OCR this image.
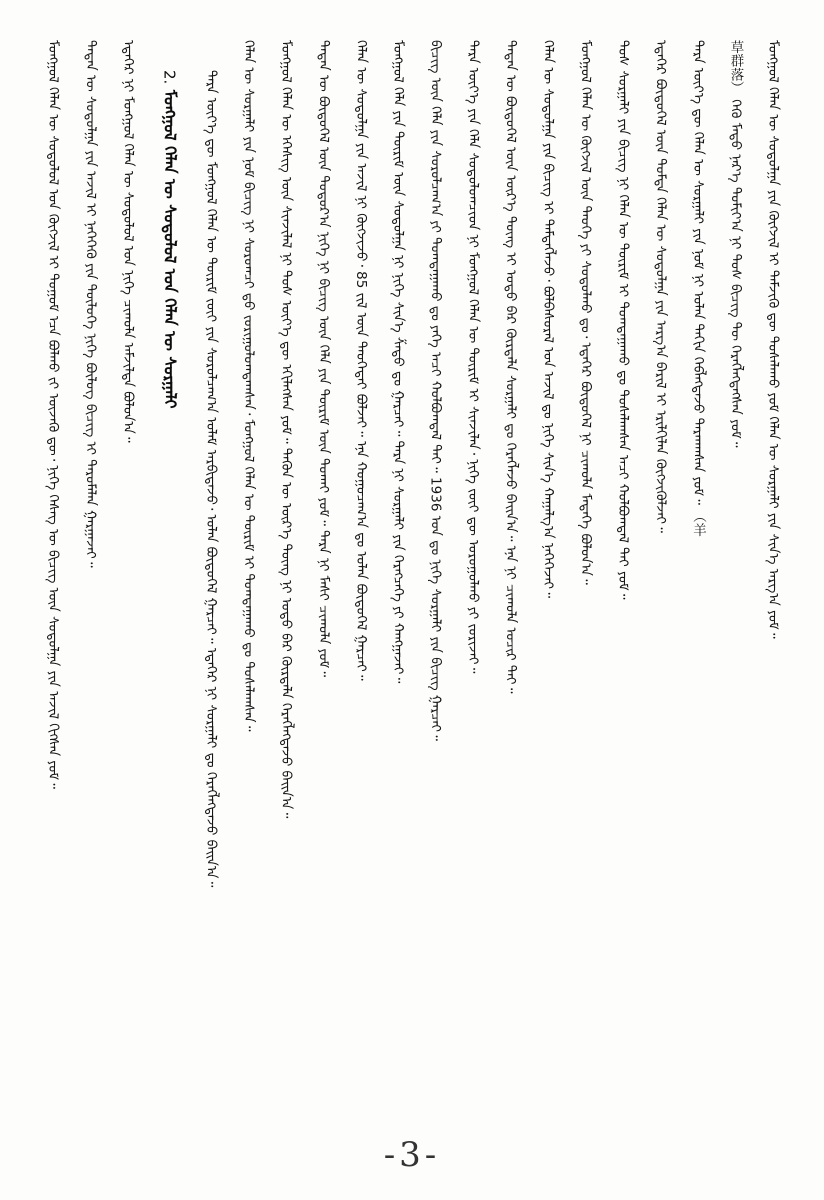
ᠮᠣᠩᠭᠣᠯ ᠬᠡᠯᠡᠨ ᠦ ᠰᠤᠳᠤᠯᠤᠯ ᠤᠨ ᠬᠥᠭᠵᠢᠯ ᠢ ᠲᠤᠭᠤᠮ ᠡᠴᠡ ᠪᠣᠯᠬᠤ ᠵᠢ ᠦᠵᠡᠬᠦ ᠳᠦ᠂ ᠨᠢᠭᠡ ᠬᠡᠰᠡᠭ ᠦ ᠪᠢᠴᠢᠭ ᠦᠨ ᠰᠤᠳᠤᠯᠭᠠ ᠶᠢᠨ ᠠᠵᠢᠯ ᠬᠢᠭᠰᠡᠨ ᠶᠤᠮ᠃	ᠲᠡᠳᠡᠨ ᠦ ᠰᠤᠳᠤᠯᠭᠠ ᠶᠢᠨ ᠠᠵᠢᠯ ᠢ ᠨᠡᠭᠡᠭᠡᠬᠦ ᠶᠢᠨ ᠲᠥᠯᠥᠭᠡ ᠨᠢᠭᠡ ᠪᠦᠯᠦᠭ ᠪᠢᠴᠢᠭ ᠢ ᠳᠠᠷᠤᠮᠠᠯᠠᠨ ᠭᠠᠷᠭᠠᠵᠠᠢ᠃	ᠡᠳᠡᠭᠡᠷ ᠨᠢ ᠮᠣᠩᠭᠣᠯ ᠬᠡᠯᠡᠨ ᠦ ᠰᠤᠳᠤᠯᠤᠯ ᠤᠨ ᠨᠢᠭᠡ ᠴᠢᠬᠤᠯᠠ ᠠᠮᠵᠢᠯᠲᠠ ᠪᠣᠯᠤᠨ᠎ᠠ᠃	2. ᠮᠣᠩᠭᠣᠯ ᠬᠡᠯᠡᠨ ᠦ ᠰᠤᠳᠤᠯᠤᠯ ᠤᠨ ᠬᠡᠯᠡᠨ ᠦ ᠰᠤᠷᠭᠠᠯᠢ	ᠲᠡᠷᠡ ᠦᠶ᠎ᠡ ᠳᠦ ᠮᠣᠩᠭᠣᠯ ᠬᠡᠯᠡᠨ ᠦ ᠳᠦᠷᠢᠮ ᠵᠦᠢ ᠶᠢᠨ ᠰᠤᠷᠤᠯᠴᠠᠭ᠎ᠠ ᠤᠯᠠᠮ ᠠᠷᠪᠢᠳᠠᠵᠤ᠂ ᠣᠯᠠᠨ ᠪᠦᠲᠦᠭᠡᠯ ᠭᠠᠷᠴᠠᠢ᠃ ᠡᠳᠡᠭᠡᠷ ᠨᠢ ᠰᠤᠷᠭᠠᠯᠢ ᠳᠤ ᠬᠡᠷᠡᠭᠯᠡᠭᠳᠡᠵᠦ ᠪᠠᠢᠨ᠎ᠠ᠃	ᠬᠡᠯᠡᠨ ᠦ ᠰᠤᠷᠭᠠᠯᠢ ᠶᠢᠨ ᠨᠣᠮ ᠪᠢᠴᠢᠭ ᠨᠢ ᠰᠤᠷᠤᠭᠴᠢ ᠳ᠋ᠤ ᠵᠣᠷᠢᠭᠤᠯᠤᠭᠳᠠᠭᠰᠠᠨ᠂ ᠮᠣᠩᠭᠣᠯ ᠬᠡᠯᠡᠨ ᠦ ᠳᠦᠷᠢᠮ ᠢ ᠲᠣᠭᠲᠠᠭᠠᠬᠤ ᠳᠤ ᠲᠤᠰᠠᠯᠠᠭᠰᠠᠨ᠃	ᠮᠣᠩᠭᠣᠯ ᠬᠡᠯᠡᠨ ᠦ ᠡᠭᠡᠰᠢᠭ ᠦᠨ ᠰᠢᠨᠵᠢᠯᠡᠯ ᠨᠢ ᠲᠤᠰ ᠦᠶ᠎ᠡ ᠳᠦ ᠡᠬᠢᠯᠡᠭᠰᠡᠨ ᠶᠤᠮ᠃ ᠲᠡᠭᠦᠨ ᠦ ᠦᠷ᠎ᠡ ᠳᠦᠩ ᠨᠢ ᠣᠳᠣ ᠪᠠᠷ ᠬᠦᠷᠲᠡᠯᠡ ᠬᠡᠷᠡᠭᠯᠡᠭᠳᠡᠵᠦ ᠪᠠᠢᠨ᠎ᠠ᠃	ᠲᠡᠳᠡᠨ ᠦ ᠪᠦᠲᠦᠭᠡᠯ ᠦᠨ ᠳᠣᠲᠣᠷ᠎ᠠ ᠨᠢᠭᠡ ᠨᠢ ᠪᠢᠴᠢᠭ ᠦᠨ ᠬᠡᠯᠡ ᠶᠢᠨ ᠳᠦᠷᠢᠮ ᠦᠨ ᠲᠤᠬᠠᠢ ᠶᠤᠮ᠃ ᠲᠡᠷᠡ ᠨᠢ ᠮᠠᠰᠢ ᠴᠢᠬᠤᠯᠠ ᠶᠤᠮ᠃	ᠬᠡᠯᠡᠨ ᠦ ᠰᠤᠳᠤᠯᠭᠠ ᠶᠢᠨ ᠠᠵᠢᠯ ᠨᠢ ᠬᠥᠭᠵᠢᠵᠦ᠂ 85 ᠵᠢᠯ ᠦᠨ ᠲᠡᠦᠬᠡᠲᠡᠢ ᠪᠣᠯᠵᠠᠢ᠃ ᠡᠨᠡ ᠬᠤᠭᠤᠴᠠᠭ᠎ᠠ ᠳᠤ ᠣᠯᠠᠨ ᠪᠦᠲᠦᠭᠡᠯ ᠭᠠᠷᠴᠠᠢ᠃	ᠮᠣᠩᠭᠣᠯ ᠬᠡᠯᠡ ᠶᠢᠨ ᠳᠦᠷᠢᠮ ᠦᠨ ᠰᠤᠳᠤᠯᠭᠠ ᠨᠢ ᠨᠢᠭᠡ ᠰᠢᠨ᠎ᠡ ᠱᠠᠲᠤ ᠳᠤ ᠭᠠᠷᠴᠠᠢ᠃ ᠲᠡᠷᠡ ᠨᠢ ᠰᠤᠷᠭᠠᠯᠢ ᠶᠢᠨ ᠬᠡᠷᠡᠭᠴᠡᠭᠡ ᠶᠢ ᠬᠠᠩᠭᠠᠵᠠᠢ᠃	ᠪᠢᠴᠢᠭ ᠦᠨ ᠬᠡᠯᠡ ᠶᠢᠨ ᠰᠤᠷᠤᠯᠴᠠᠭ᠎ᠠ ᠶᠢ ᠲᠣᠭᠲᠠᠭᠠᠬᠤ ᠳᠤ ᠶᠡᠬᠡ ᠠᠴᠢ ᠬᠣᠯᠪᠣᠭᠳᠠᠯ ᠲᠠᠢ᠃ 1936 ᠣᠨ ᠳᠤ ᠨᠢᠭᠡ ᠰᠤᠷᠭᠠᠯᠢ ᠶᠢᠨ ᠪᠢᠴᠢᠭ ᠭᠠᠷᠴᠠᠢ᠃	ᠲᠡᠷᠡ ᠦᠶ᠎ᠡ ᠶᠢᠨ ᠬᠡᠯᠡ ᠰᠤᠳᠤᠯᠤᠭᠴᠢᠳ ᠨᠢ ᠮᠣᠩᠭᠣᠯ ᠬᠡᠯᠡᠨ ᠦ ᠳᠦᠷᠢᠮ ᠢ ᠰᠢᠨᠵᠢᠯᠡᠨ᠂ ᠨᠢᠭᠡ ᠵᠦᠢ ᠳᠦ ᠣᠷᠣᠭᠤᠯᠬᠤ ᠶᠢ ᠵᠣᠷᠢᠵᠠᠢ᠃	ᠲᠡᠳᠡᠨ ᠦ ᠪᠦᠲᠦᠭᠡᠯ ᠦᠨ ᠦᠷ᠎ᠡ ᠳᠦᠩ ᠢ ᠣᠳᠣ ᠪᠠᠷ ᠬᠦᠷᠲᠡᠯᠡ ᠰᠤᠷᠭᠠᠯᠢ ᠳᠤ ᠬᠡᠷᠡᠭᠯᠡᠵᠦ ᠪᠠᠢᠨ᠎ᠠ᠃ ᠡᠨᠡ ᠨᠢ ᠴᠢᠬᠤᠯᠠ ᠤᠴᠢᠷ ᠲᠠᠢ᠃	ᠬᠡᠯᠡᠨ ᠦ ᠰᠤᠳᠤᠯᠭᠠ ᠶᠢᠨ ᠪᠢᠴᠢᠭ ᠢ ᠲᠡᠮᠳᠡᠭᠯᠡᠵᠦ᠂ ᠪᠣᠯᠪᠠᠰᠤᠷᠠᠯ ᠤᠨ ᠠᠵᠢᠯ ᠳᠤ ᠨᠢᠭᠡ ᠰᠢᠨ᠎ᠡ ᠬᠠᠭᠠᠯᠭ᠎ᠠ ᠨᠡᠭᠡᠭᠡᠵᠡᠢ᠃	ᠮᠣᠩᠭᠣᠯ ᠬᠡᠯᠡᠨ ᠦ ᠬᠥᠭᠵᠢᠯ ᠦᠨ ᠲᠡᠦᠬᠡ ᠶᠢ ᠰᠤᠳᠤᠯᠬᠤ ᠳᠤ᠂ ᠡᠳᠡᠭᠡᠷ ᠪᠦᠲᠦᠭᠡᠯ ᠨᠢ ᠴᠢᠬᠤᠯᠠ ᠮᠡᠳᠡᠭᠡ ᠪᠣᠯᠤᠨ᠎ᠠ᠃	ᠲᠤᠰ ᠰᠤᠷᠭᠠᠯᠢ ᠶᠢᠨ ᠪᠢᠴᠢᠭ ᠨᠢ ᠬᠡᠯᠡᠨ ᠦ ᠳᠦᠷᠢᠮ ᠢ ᠲᠣᠭᠲᠠᠭᠠᠬᠤ ᠳᠤ ᠲᠤᠰᠠᠯᠠᠭᠰᠠᠨ ᠠᠴᠢ ᠬᠣᠯᠪᠣᠭᠳᠠᠯ ᠲᠠᠢ ᠶᠤᠮ᠃	ᠡᠳᠡᠭᠡᠷ ᠪᠦᠲᠦᠭᠡᠯ ᠦᠨ ᠳᠤᠮᠳᠠ ᠬᠡᠯᠡᠨ ᠦ ᠰᠤᠳᠤᠯᠭᠠ ᠶᠢᠨ ᠠᠷᠭ᠎ᠠ ᠪᠠᠷᠢᠯ ᠢ ᠡᠷᠢᠯᠬᠢᠯᠡᠨ ᠬᠥᠭᠵᠢᠭᠦᠯᠵᠡᠢ᠃	ᠲᠡᠷᠡ ᠦᠶ᠎ᠡ ᠳᠦ ᠬᠡᠯᠡᠨ ᠦ ᠰᠤᠷᠭᠠᠯᠢ ᠶᠢᠨ ᠨᠣᠮ ᠨᠢ ᠣᠯᠠᠨ ᠳᠠᠬᠢᠨ ᠬᠡᠪᠯᠡᠭᠳᠡᠵᠦ ᠲᠠᠷᠬᠠᠭᠰᠠᠨ ᠶᠤᠮ᠃ （羊	草群落） ᠭᠡᠬᠦ ᠮᠡᠲᠦ ᠨᠡᠷ᠎ᠡ ᠲᠣᠮᠢᠶ᠎ᠠ ᠨᠢ ᠲᠤᠰ ᠪᠢᠴᠢᠭ ᠲᠦ ᠬᠡᠷᠡᠭᠯᠡᠭᠳᠡᠭᠰᠡᠨ ᠶᠤᠮ᠃	ᠮᠣᠩᠭᠣᠯ ᠬᠡᠯᠡᠨ ᠦ ᠰᠤᠳᠤᠯᠭᠠ ᠶᠢᠨ ᠬᠥᠭᠵᠢᠯ ᠢ ᠳᠡᠮᠵᠢᠬᠦ ᠳᠦ ᠲᠤᠰᠠᠯᠠᠬᠤ ᠶᠤᠮ ᠬᠡᠯᠡᠨ ᠦ ᠰᠤᠷᠭᠠᠯᠢ ᠶᠢᠨ ᠰᠢᠨ᠎ᠡ ᠠᠷᠭ᠎ᠠ ᠶᠤᠮ᠃
-3-
